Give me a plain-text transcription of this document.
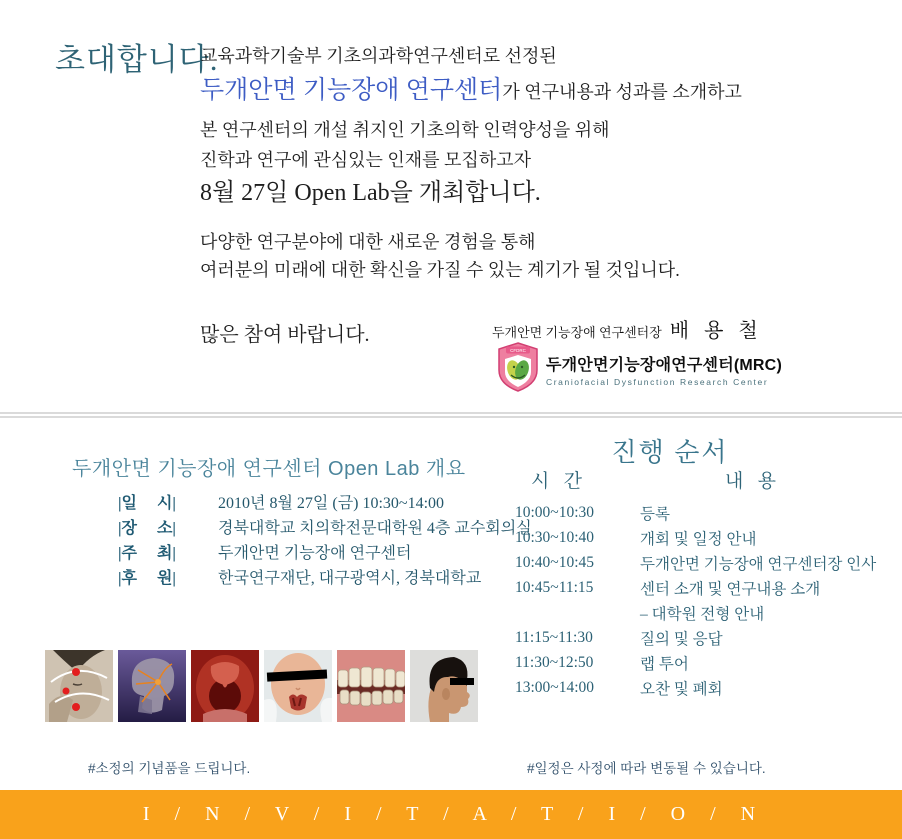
초대합니다.
교육과학기술부 기초의과학연구센터로 선정된
두개안면 기능장애 연구센터가 연구내용과 성과를 소개하고
본 연구센터의 개설 취지인 기초의학 인력양성을 위해
진학과 연구에 관심있는 인재를 모집하고자
8월 27일 Open Lab을 개최합니다.
다양한 연구분야에 대한 새로운 경험을 통해
여러분의 미래에 대한 확신을 가질 수 있는 계기가 될 것입니다.
많은 참여 바랍니다.	두개안면 기능장애 연구센터장 배 용 철
CFDRC
두개안면기능장애연구센터(MRC)
Craniofacial Dysfunction Research Center
두개안면 기능장애 연구센터 Open Lab 개요
|일     시|	2010년 8월 27일 (금) 10:30~14:00
|장     소|	경북대학교 치의학전문대학원 4층 교수회의실
|주     최|	두개안면 기능장애 연구센터
|후     원|	한국연구재단, 대구광역시, 경북대학교
진행 순서
시   간	내   용
10:00~10:30	등록
10:30~10:40	개회 및 일정 안내
10:40~10:45	두개안면 기능장애 연구센터장 인사
10:45~11:15	센터 소개 및 연구내용 소개
– 대학원 전형 안내
11:15~11:30	질의 및 응답
11:30~12:50	랩 투어
13:00~14:00	오찬 및 폐회
#소정의 기념품을 드립니다.	#일정은 사정에 따라 변동될 수 있습니다.
I / N / V / I / T / A / T / I / O / N
